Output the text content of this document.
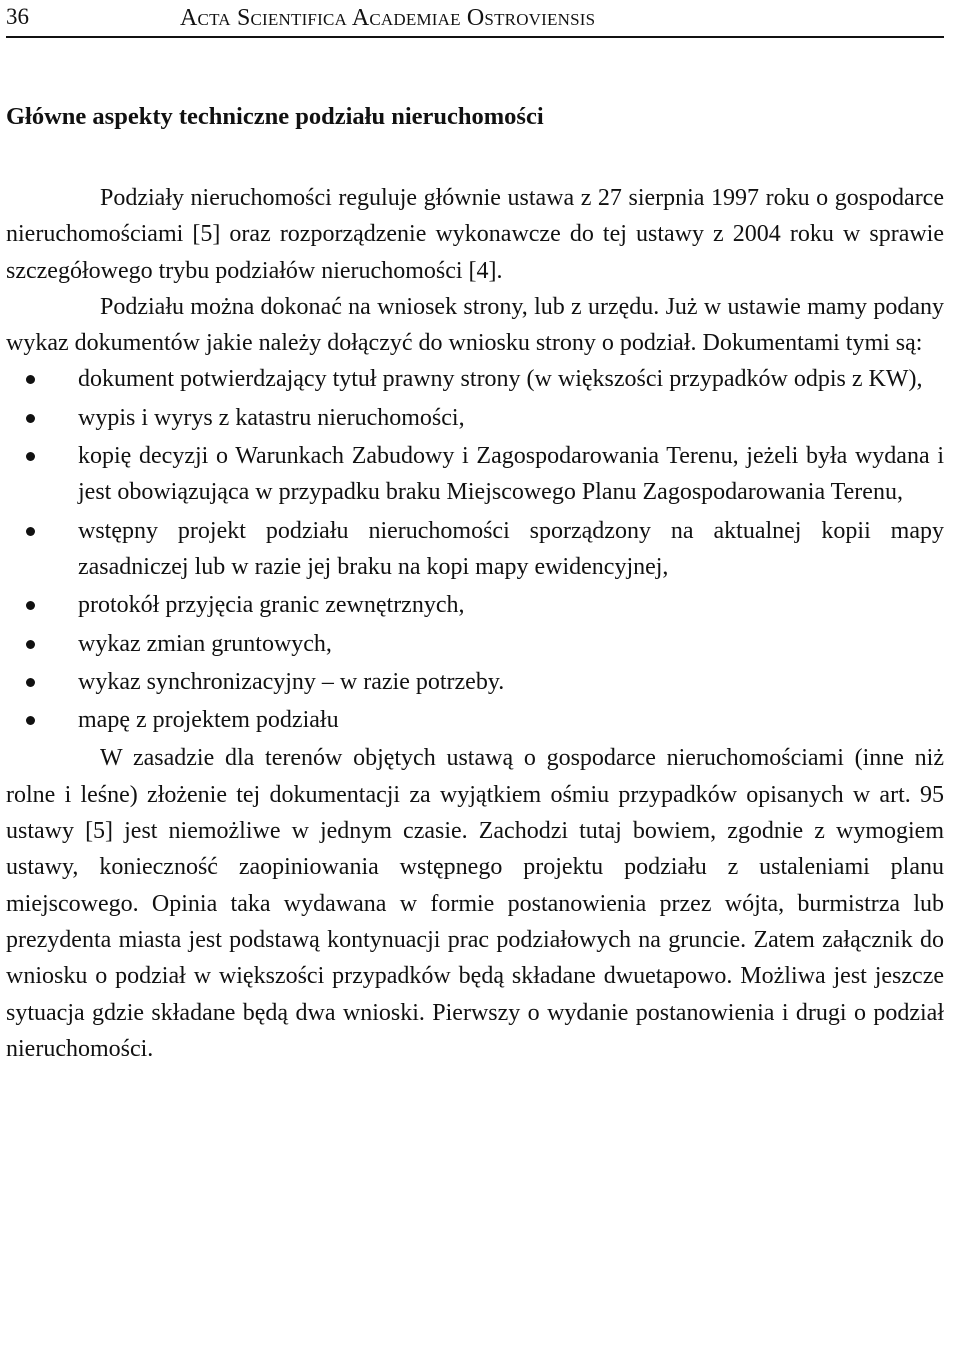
36	Acta Scientifica Academiae Ostroviensis
Główne aspekty techniczne podziału nieruchomości

Podziały nieruchomości reguluje głównie ustawa z 27 sierpnia 1997 roku o gospodarce nieruchomościami [5] oraz rozporządzenie wykonawcze do tej ustawy z 2004 roku w sprawie szczegółowego trybu podziałów nieruchomości [4].

Podziału można dokonać na wniosek strony, lub z urzędu. Już w ustawie mamy podany wykaz dokumentów jakie należy dołączyć do wniosku strony o podział. Dokumentami tymi są:

dokument potwierdzający tytuł prawny strony (w większości przypadków odpis z KW),
wypis i wyrys z katastru nieruchomości,
kopię decyzji o Warunkach Zabudowy i Zagospodarowania Terenu, jeżeli była wydana i jest obowiązująca w przypadku braku Miejscowego Planu Zagospodarowania Terenu,
wstępny projekt podziału nieruchomości sporządzony na aktualnej kopii mapy zasadniczej lub w razie jej braku na kopi mapy ewidencyjnej,
protokół przyjęcia granic zewnętrznych,
wykaz zmian gruntowych,
wykaz synchronizacyjny – w razie potrzeby.
mapę z projektem podziału

W zasadzie dla terenów objętych ustawą o gospodarce nieruchomościami (inne niż rolne i leśne) złożenie tej dokumentacji za wyjątkiem ośmiu przypadków opisanych w art. 95 ustawy [5] jest niemożliwe w jednym czasie. Zachodzi tutaj bowiem, zgodnie z wymogiem ustawy, konieczność zaopiniowania wstępnego projektu podziału z ustaleniami planu miejscowego. Opinia taka wydawana w formie postanowienia przez wójta, burmistrza lub prezydenta miasta jest podstawą kontynuacji prac podziałowych na gruncie. Zatem załącznik do wniosku o podział w większości przypadków będą składane dwuetapowo. Możliwa jest jeszcze sytuacja gdzie składane będą dwa wnioski. Pierwszy o wydanie postanowienia i drugi o podział nieruchomości.
